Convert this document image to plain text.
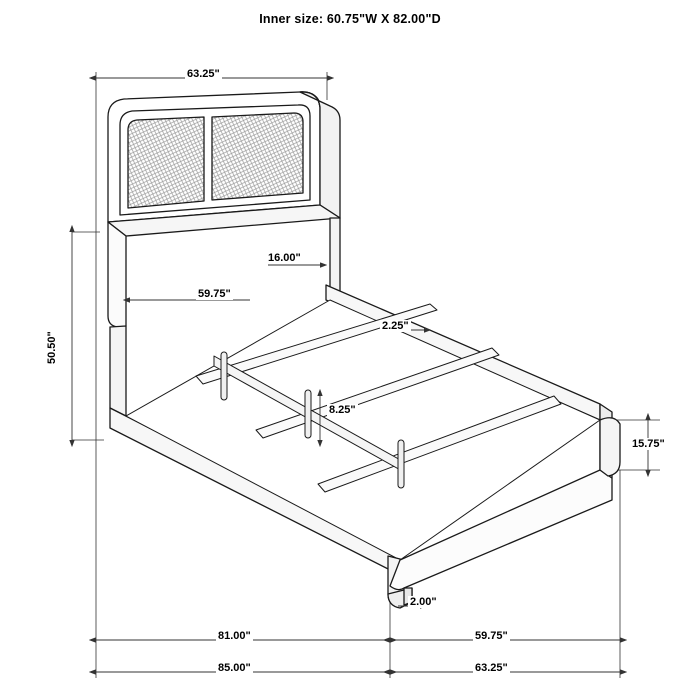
Inner size: 60.75"W X 82.00"D
63.25"
59.75"
16.00"
50.50"
2.25"
8.25"
15.75"
2.00"
81.00"	59.75"
85.00"	63.25"
